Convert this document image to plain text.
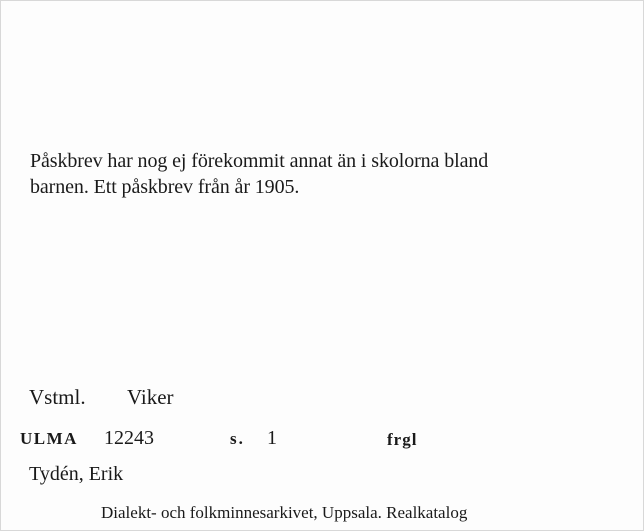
Påskbrev har nog ej förekommit annat än i skolorna bland
barnen. Ett påskbrev från år 1905.
Vstml. Viker
ULMA 12243	s. 1	frgl
Tydén, Erik
Dialekt- och folkminnesarkivet, Uppsala. Realkatalog
